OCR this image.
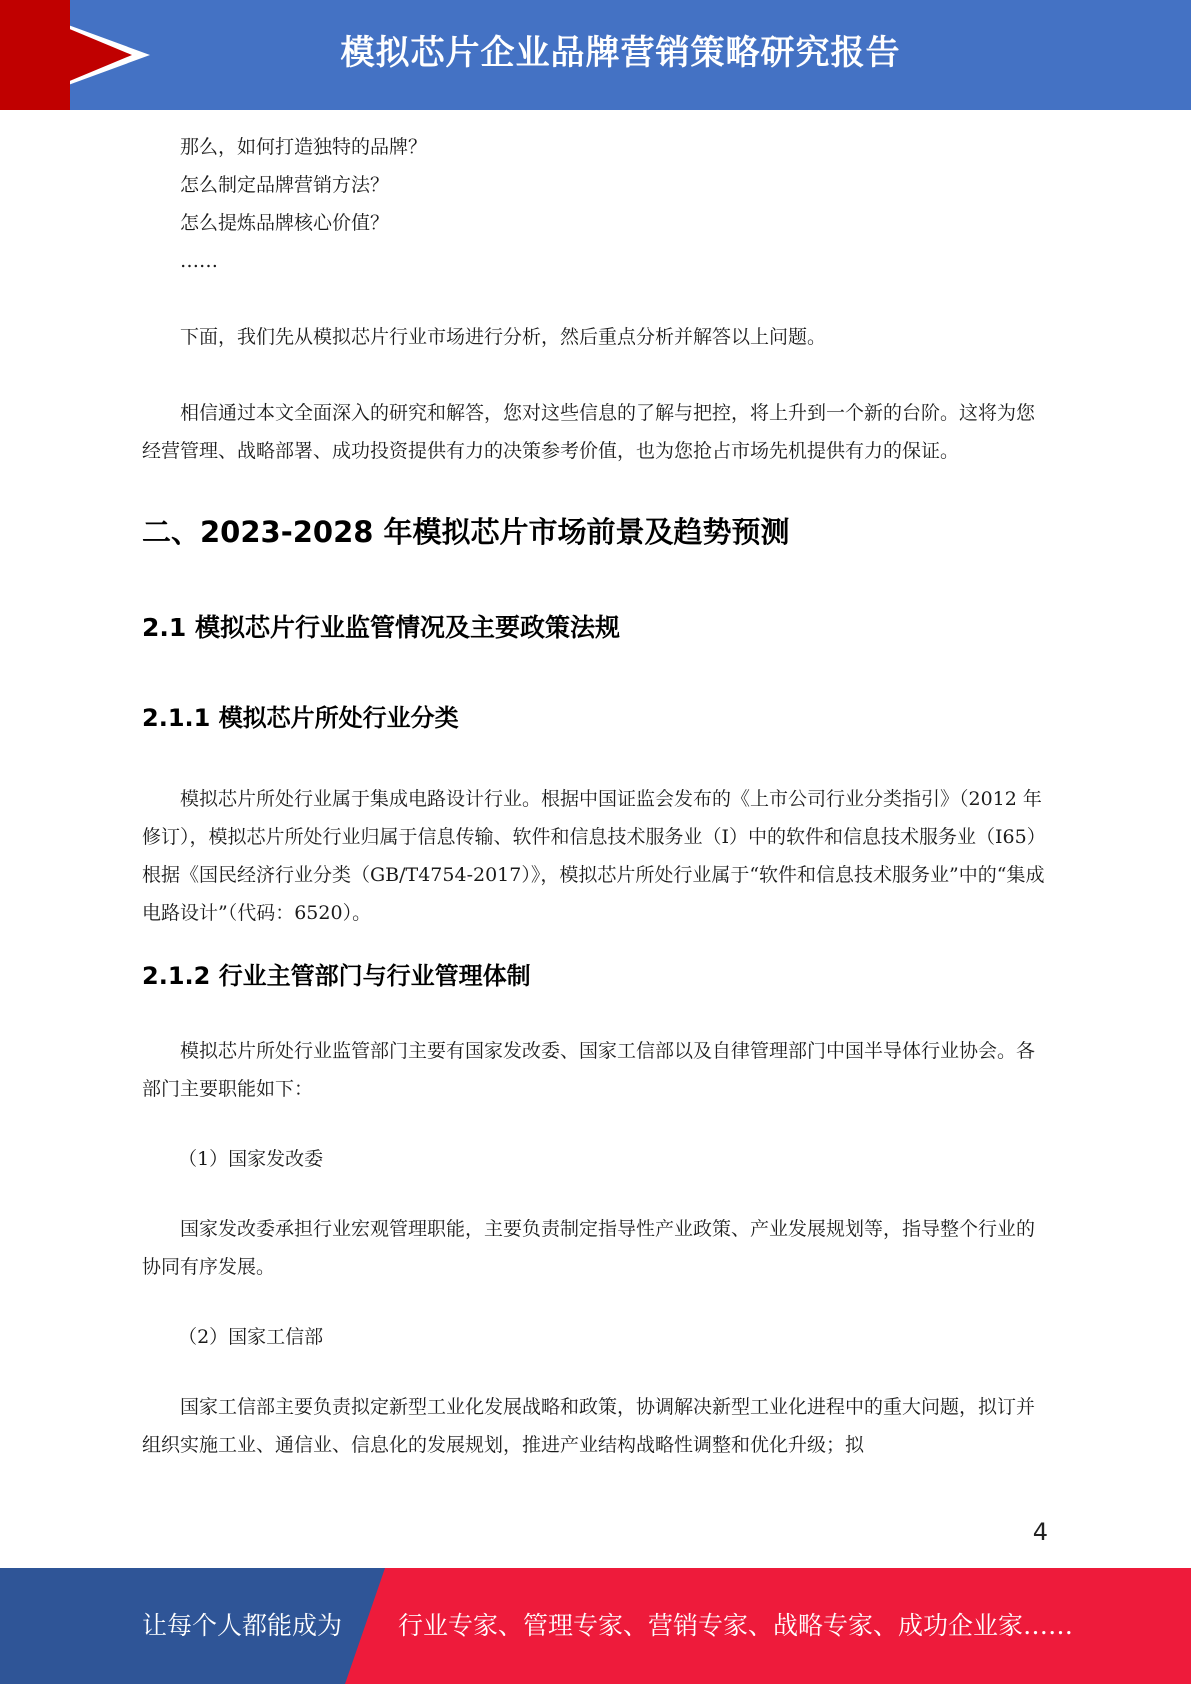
模拟芯片企业品牌营销策略研究报告

那么，如何打造独特的品牌？

怎么制定品牌营销方法？

怎么提炼品牌核心价值？

……

下面，我们先从模拟芯片行业市场进行分析，然后重点分析并解答以上问题。

相信通过本文全面深入的研究和解答，您对这些信息的了解与把控，将上升到一个新的台阶。这将为您经营管理、战略部署、成功投资提供有力的决策参考价值，也为您抢占市场先机提供有力的保证。

二、2023-2028 年模拟芯片市场前景及趋势预测
2.1 模拟芯片行业监管情况及主要政策法规
2.1.1 模拟芯片所处行业分类

模拟芯片所处行业属于集成电路设计行业。根据中国证监会发布的《上市公司行业分类指引》（2012 年修订），模拟芯片所处行业归属于信息传输、软件和信息技术服务业（I）中的软件和信息技术服务业（I65）根据《国民经济行业分类（GB/T4754-2017）》，模拟芯片所处行业属于“软件和信息技术服务业”中的“集成电路设计”（代码：6520）。

2.1.2 行业主管部门与行业管理体制

模拟芯片所处行业监管部门主要有国家发改委、国家工信部以及自律管理部门中国半导体行业协会。各部门主要职能如下：

（1）国家发改委

国家发改委承担行业宏观管理职能，主要负责制定指导性产业政策、产业发展规划等，指导整个行业的协同有序发展。

（2）国家工信部

国家工信部主要负责拟定新型工业化发展战略和政策，协调解决新型工业化进程中的重大问题，拟订并组织实施工业、通信业、信息化的发展规划，推进产业结构战略性调整和优化升级；拟

4
让每个人都能成为 行业专家、管理专家、营销专家、战略专家、成功企业家……
